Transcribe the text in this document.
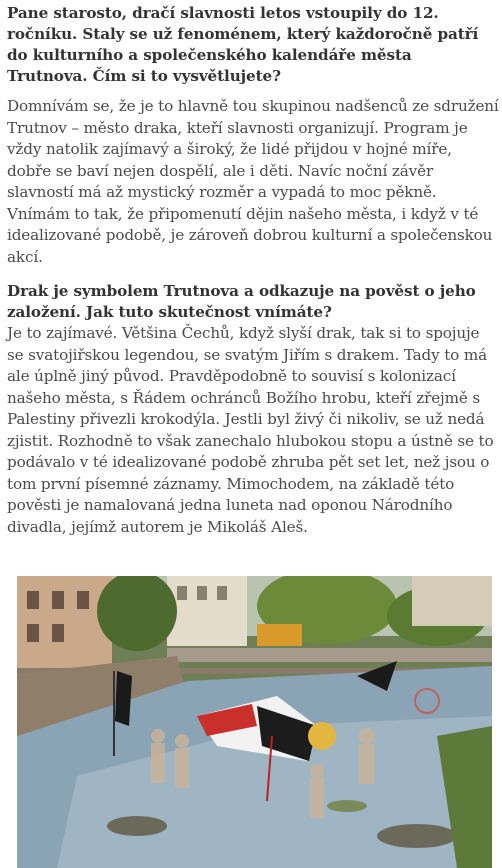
Pane starosto, dračí slavnosti letos vstoupily do 12. ročníku. Staly se už fenoménem, který každoročně patří do kulturního a společenského kalendáře města Trutnova. Čím si to vysvětlujete?
Domnívám se, že je to hlavně tou skupinou nadšenců ze sdružení Trutnov – město draka, kteří slavnosti organizují. Program je vždy natolik zajímavý a široký, že lidé přijdou v hojné míře, dobře se baví nejen dospělí, ale i děti. Navíc noční závěr slavností má až mystický rozměr a vypadá to moc pěkně. Vnímám to tak, že připomenutí dějin našeho města, i když v té idealizované podobě, je zároveň dobrou kulturní a společenskou akcí.
Drak je symbolem Trutnova a odkazuje na pověst o jeho založení. Jak tuto skutečnost vnímáte?
Je to zajímavé. Většina Čechů, když slyší drak, tak si to spojuje se svatojiřskou legendou, se svatým Jiřím s drakem. Tady to má ale úplně jiný původ. Pravděpodobně to souvisí s kolonizací našeho města, s Řádem ochránců Božího hrobu, kteří zřejmě s Palestiny přivezli krokodýla. Jestli byl živý či nikoliv, se už nedá zjistit. Rozhodně to však zanechalo hlubokou stopu a ústně se to podávalo v té idealizované podobě zhruba pět set let, než jsou o tom první písemné záznamy. Mimochodem, na základě této pověsti je namalovaná jedna luneta nad oponou Národního divadla, jejímž autorem je Mikoláš Aleš.
